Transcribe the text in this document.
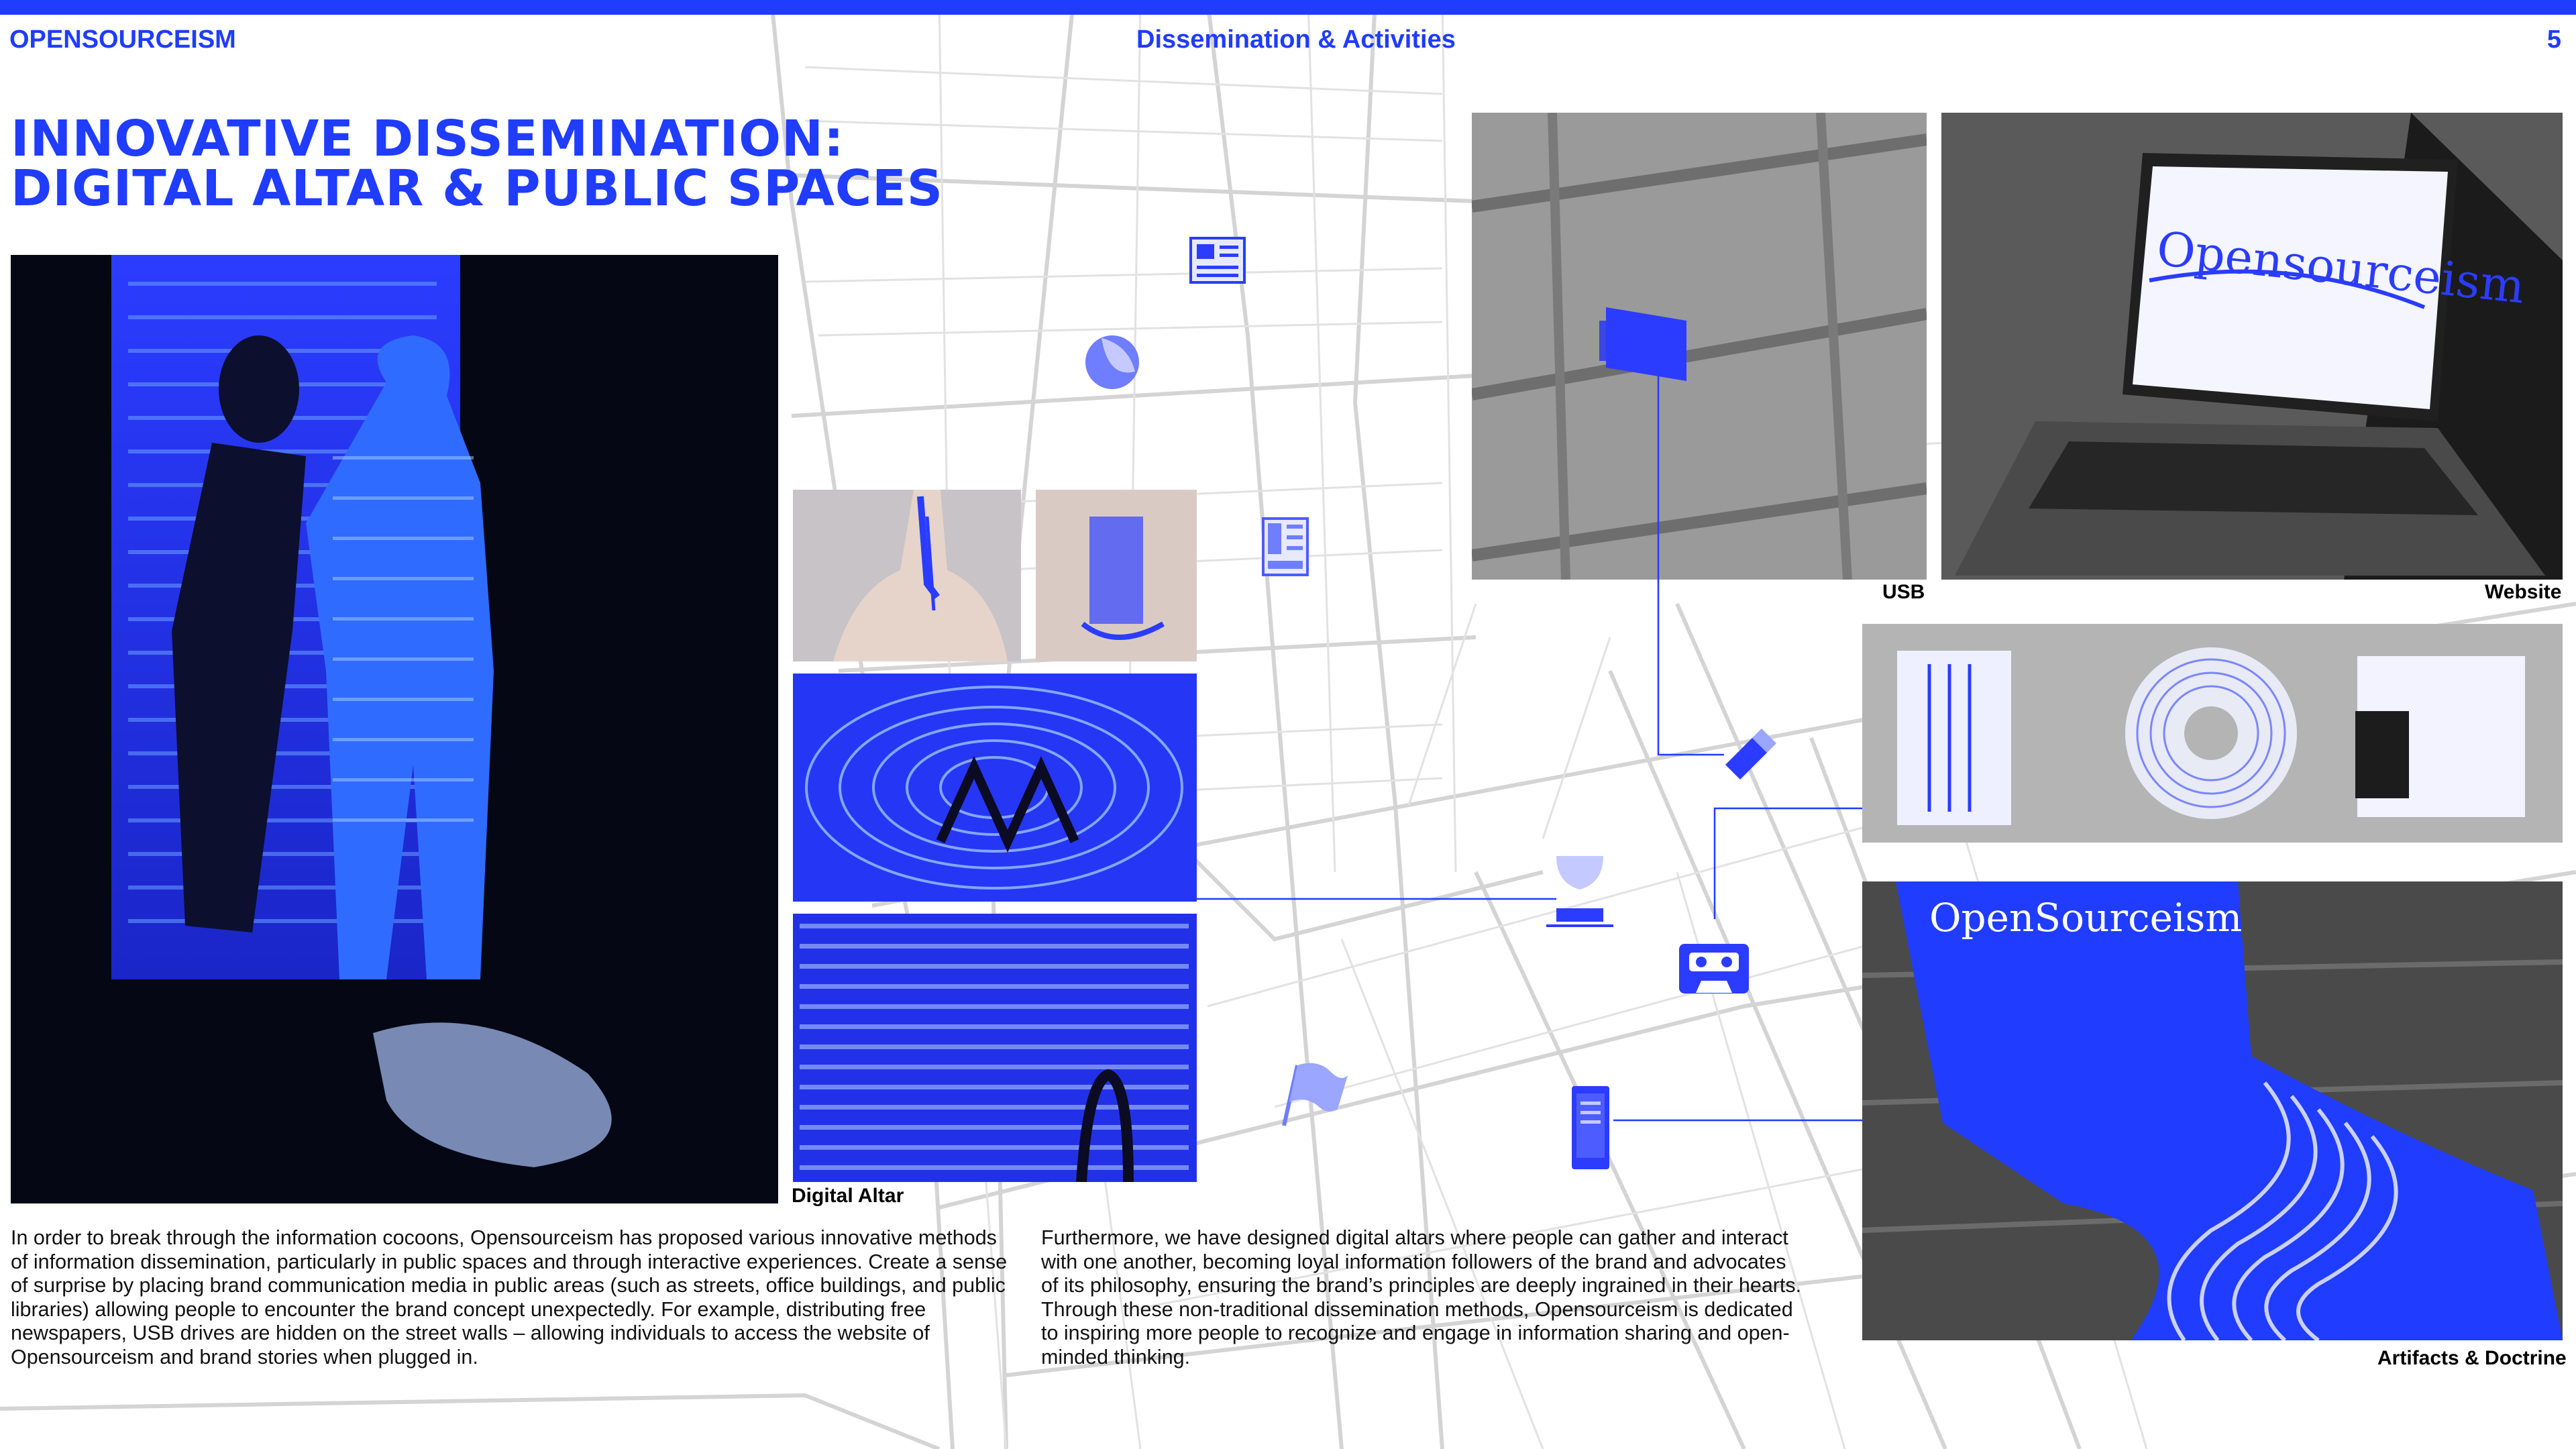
OPENSOURCEISM	Dissemination & Activities	5
INNOVATIVE DISSEMINATION:
DIGITAL ALTAR & PUBLIC SPACES
Digital Altar
USB
Opensourceism
Website
OpenSourceism
Artifacts & Doctrine

In order to break through the information cocoons, Opensourceism has proposed various innovative methods of information dissemination, particularly in public spaces and through interactive experiences. Create a sense of surprise by placing brand communication media in public areas (such as streets, office buildings, and public libraries) allowing people to encounter the brand concept unexpectedly. For example, distributing free newspapers, USB drives are hidden on the street walls – allowing individuals to access the website of Opensourceism and brand stories when plugged in.

Furthermore, we have designed digital altars where people can gather and interact with one another, becoming loyal information followers of the brand and advocates of its philosophy, ensuring the brand’s principles are deeply ingrained in their hearts. Through these non-traditional dissemination methods, Opensourceism is dedicated to inspiring more people to recognize and engage in information sharing and open-minded thinking.
